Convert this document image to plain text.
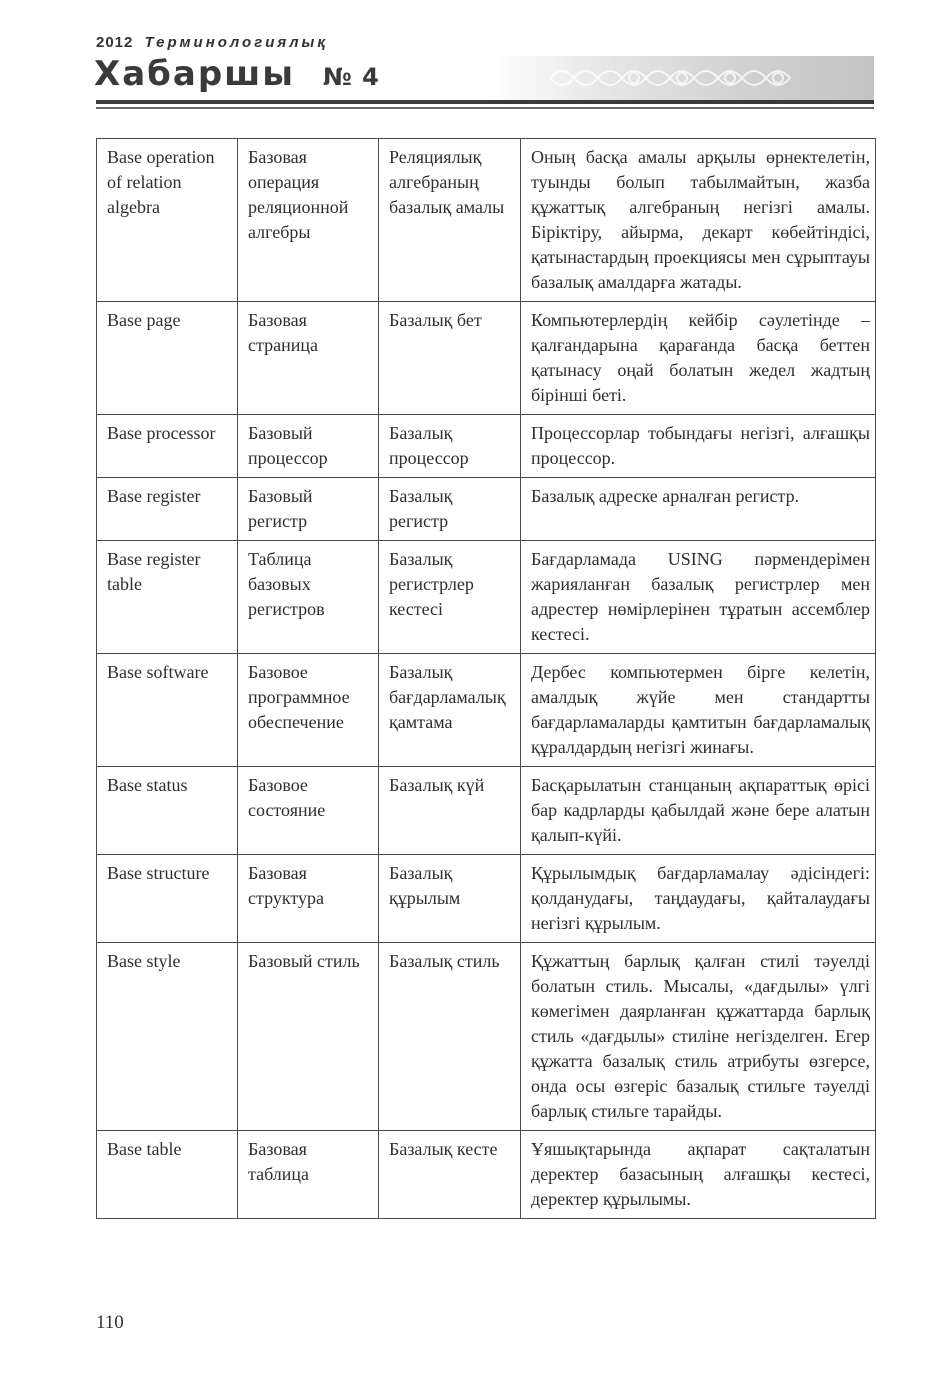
2012 Терминологиялық
Хабаршы № 4
Base operation of relation algebra	Базовая операция реляционной алгебры	Реляциялық алгебраның базалық амалы	Оның басқа амалы арқылы өрнектелетін, туынды болып табылмайтын, жазба құжаттық алгебраның негізгі амалы. Біріктіру, айырма, декарт көбейтіндісі, қатынастардың проекциясы мен сұрыптауы базалық амалдарға жатады.
Base page	Базовая страница	Базалық бет	Компьютерлердің кейбір сәулетінде – қалғандарына қарағанда басқа беттен қатынасу оңай болатын жедел жадтың бірінші беті.
Base processor	Базовый процессор	Базалық процессор	Процессорлар тобындағы негізгі, алғашқы процессор.
Base register	Базовый регистр	Базалық регистр	Базалық адреске арналған регистр.
Base register table	Таблица базовых регистров	Базалық регистрлер кестесі	Бағдарламада USING пәрмендерімен жарияланған базалық регистрлер мен адрестер нөмірлерінен тұратын ассемблер кестесі.
Base software	Базовое программное обеспечение	Базалық бағдарламалық қамтама	Дербес компьютермен бірге келетін, амалдық жүйе мен стандартты бағдарламаларды қамтитын бағдарламалық құралдардың негізгі жинағы.
Base status	Базовое состояние	Базалық күй	Басқарылатын станцаның ақпараттық өрісі бар кадрларды қабылдай және бере алатын қалып-күйі.
Base structure	Базовая структура	Базалық құрылым	Құрылымдық бағдарламалау әдісіндегі: қолданудағы, таңдаудағы, қайталаудағы негізгі құрылым.
Base style	Базовый стиль	Базалық стиль	Құжаттың барлық қалған стилі тәуелді болатын стиль. Мысалы, «дағдылы» үлгі көмегімен даярланған құжаттарда барлық стиль «дағдылы» стиліне негізделген. Егер құжатта базалық стиль атрибуты өзгерсе, онда осы өзгеріс базалық стильге тәуелді барлық стильге тарайды.
Base table	Базовая таблица	Базалық кесте	Ұяшықтарында ақпарат сақталатын деректер базасының алғашқы кестесі, деректер құрылымы.
110
